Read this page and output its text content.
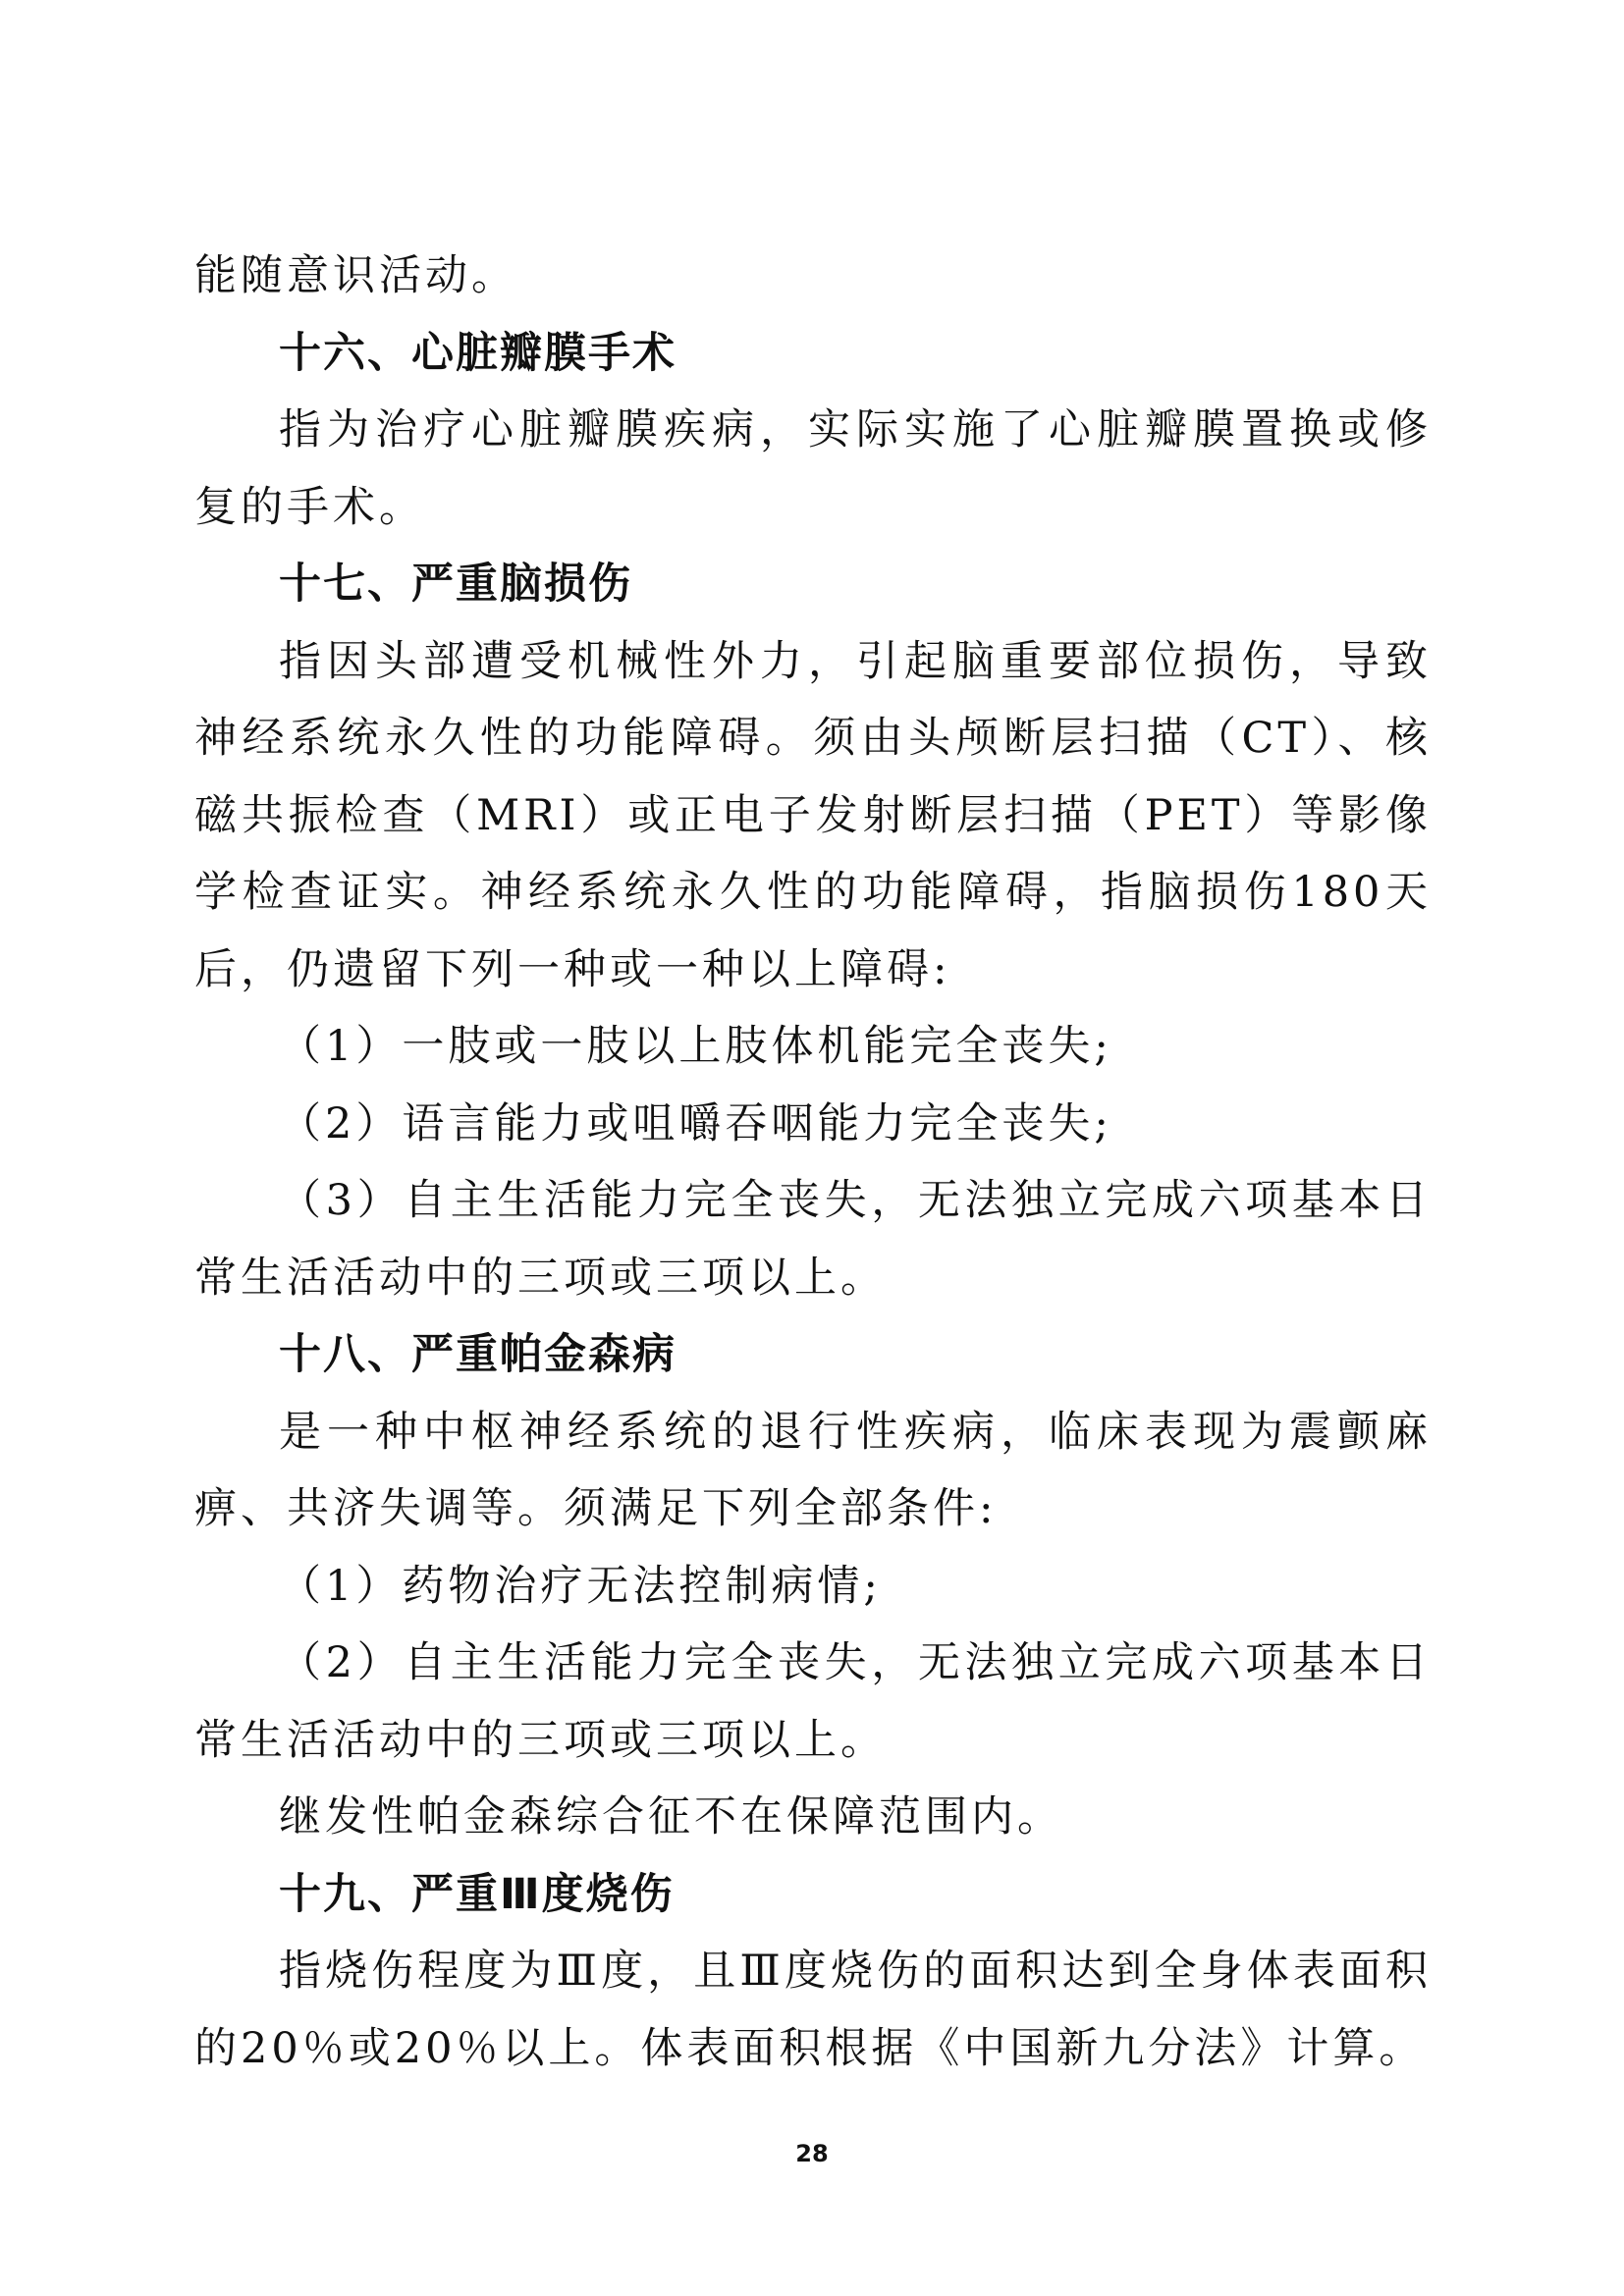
能随意识活动。

十六、心脏瓣膜手术

指为治疗心脏瓣膜疾病，实际实施了心脏瓣膜置换或修复的手术。

十七、严重脑损伤

指因头部遭受机械性外力，引起脑重要部位损伤，导致神经系统永久性的功能障碍。须由头颅断层扫描（CT）、核磁共振检查（MRI）或正电子发射断层扫描（PET）等影像学检查证实。神经系统永久性的功能障碍，指脑损伤180天后，仍遗留下列一种或一种以上障碍:

（1）一肢或一肢以上肢体机能完全丧失;

（2）语言能力或咀嚼吞咽能力完全丧失;

（3）自主生活能力完全丧失，无法独立完成六项基本日常生活活动中的三项或三项以上。

十八、严重帕金森病

是一种中枢神经系统的退行性疾病，临床表现为震颤麻痹、共济失调等。须满足下列全部条件:

（1）药物治疗无法控制病情;

（2）自主生活能力完全丧失，无法独立完成六项基本日常生活活动中的三项或三项以上。

继发性帕金森综合征不在保障范围内。

十九、严重Ⅲ度烧伤

指烧伤程度为Ⅲ度，且Ⅲ度烧伤的面积达到全身体表面积的20％或20％以上。体表面积根据《中国新九分法》计算。

28
